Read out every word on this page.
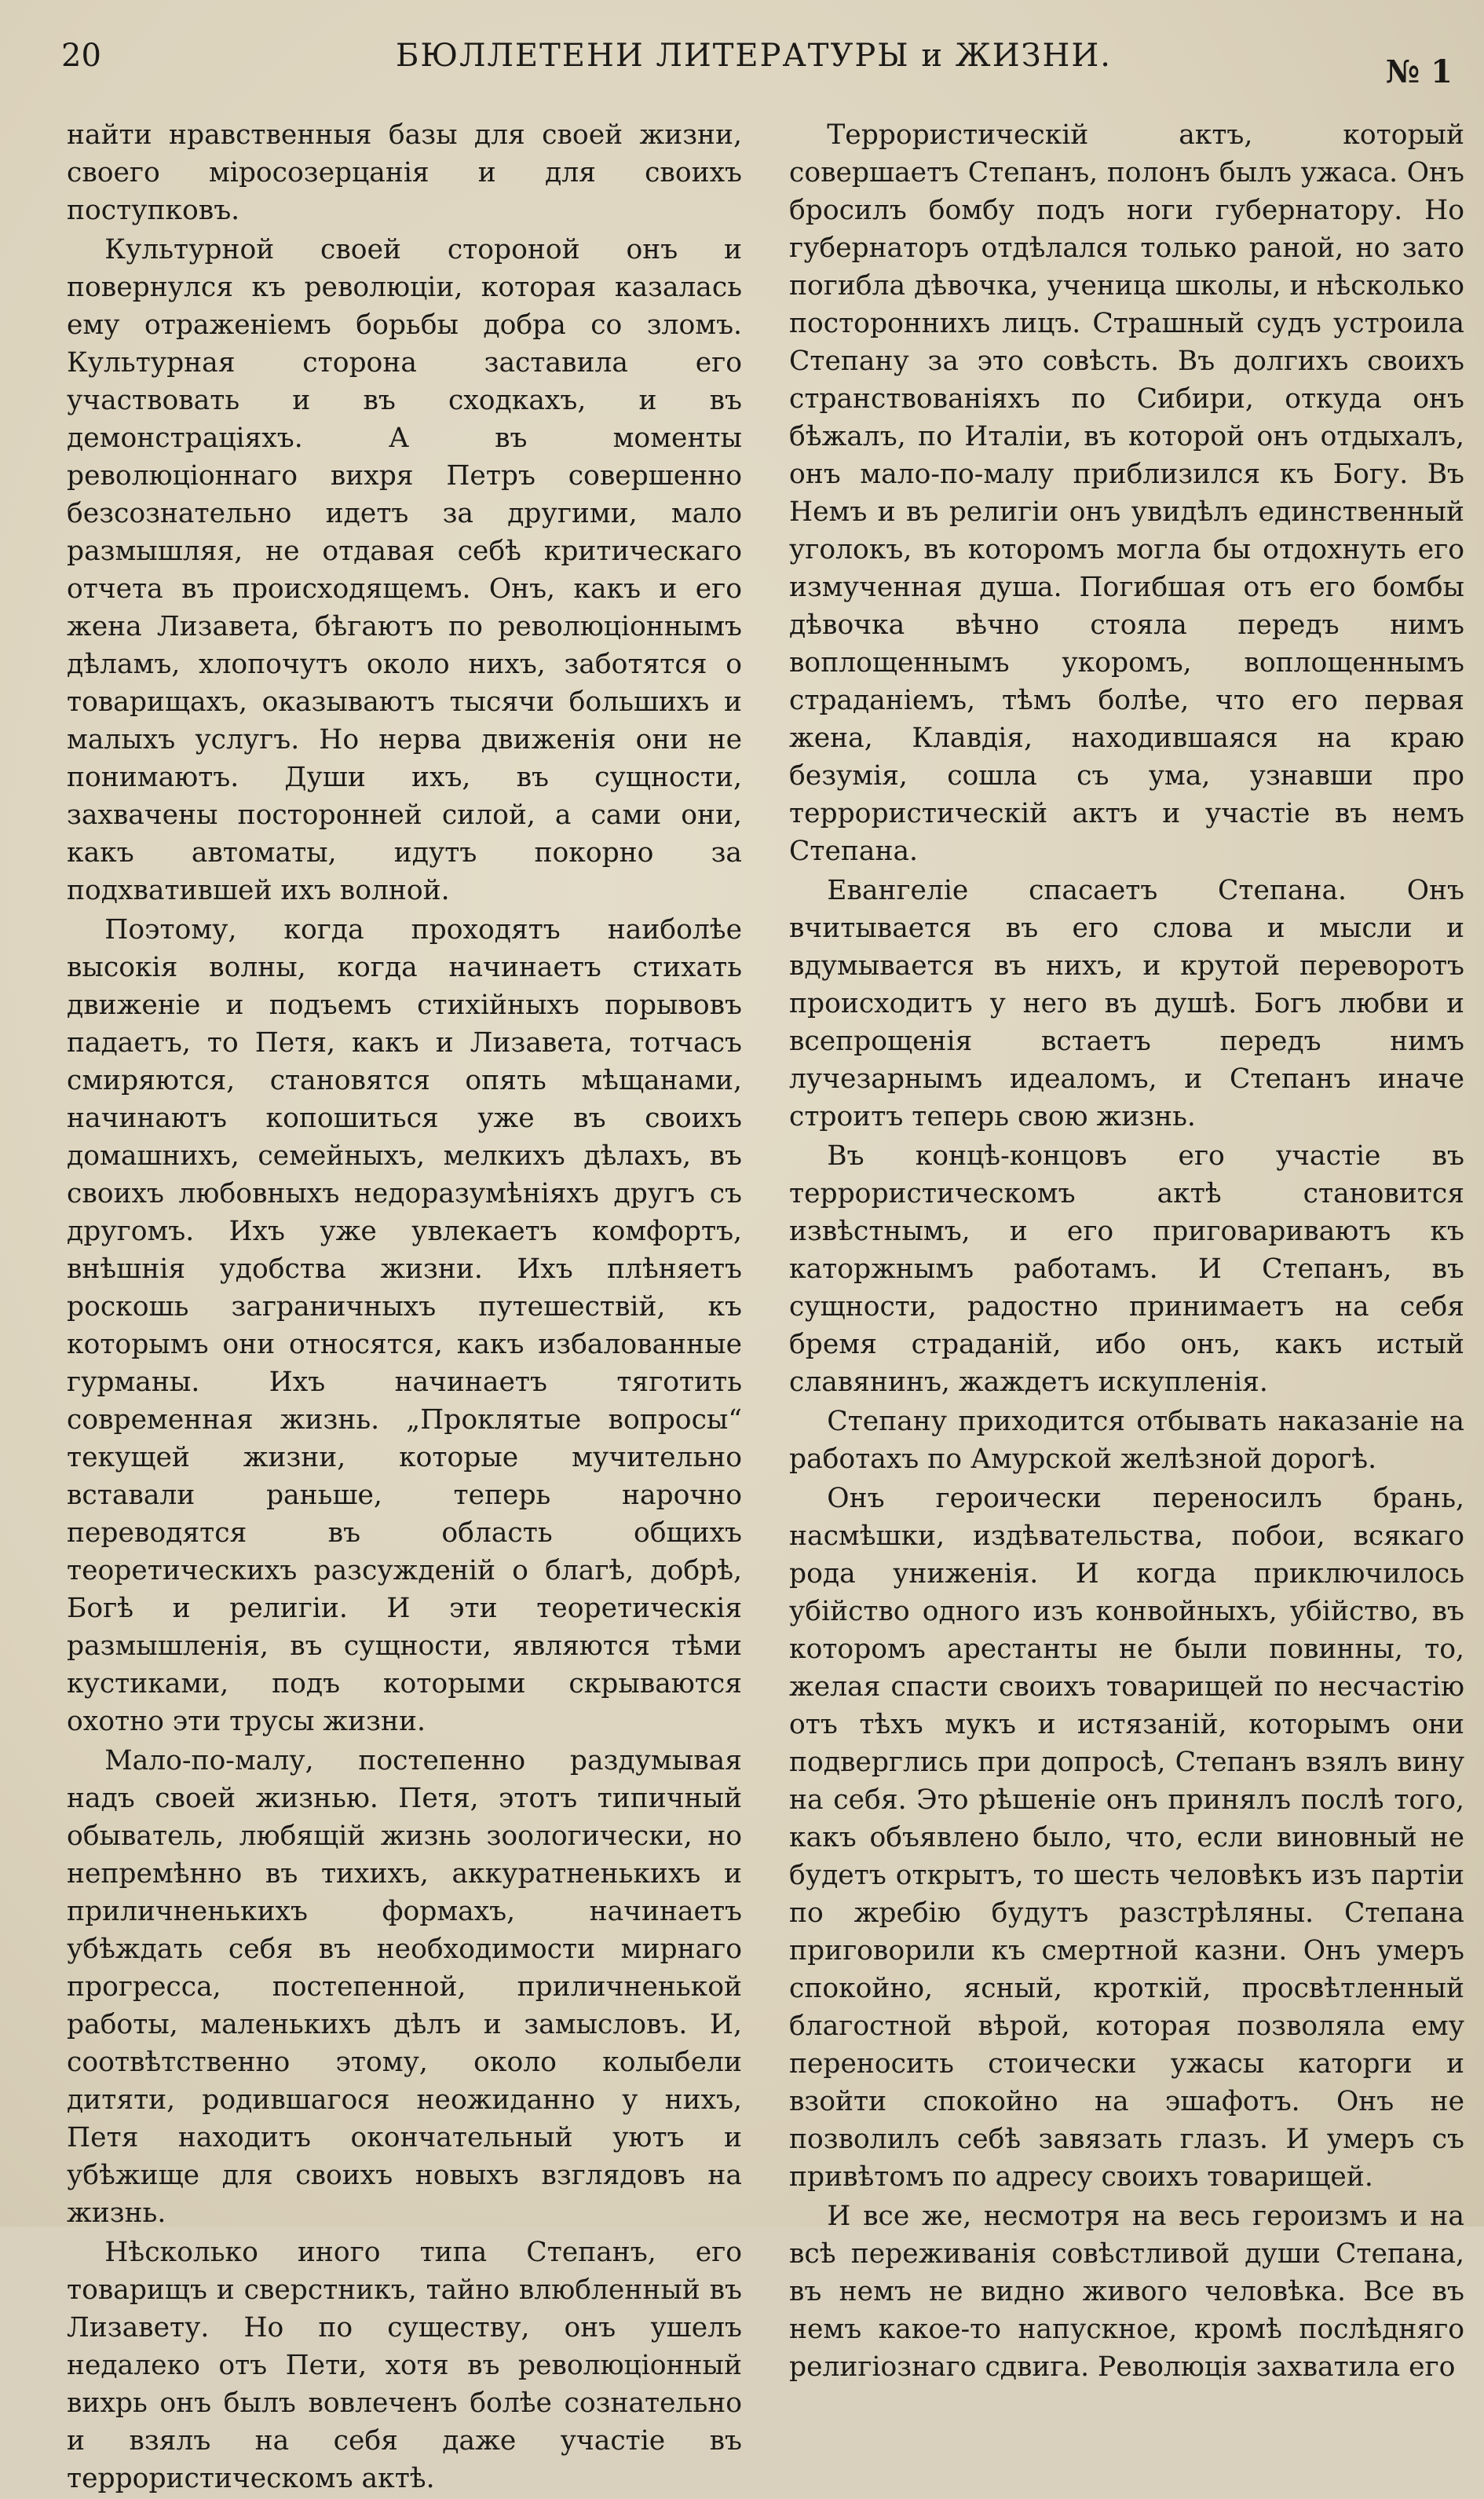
20	БЮЛЛЕТЕНИ ЛИТЕРАТУРЫ и ЖИЗНИ.	№ 1

найти нравственныя базы для своей жизни, своего міросозерцанія и для своихъ поступковъ.

Культурной своей стороной онъ и повернулся къ революціи, которая казалась ему отраженіемъ борьбы добра со зломъ. Культурная сторона заставила его участвовать и въ сходкахъ, и въ демонстраціяхъ. А въ моменты революціоннаго вихря Петръ совершенно безсознательно идетъ за другими, мало размышляя, не отдавая себѣ критическаго отчета въ происходящемъ. Онъ, какъ и его жена Лизавета, бѣгаютъ по революціоннымъ дѣламъ, хлопочутъ около нихъ, заботятся о товарищахъ, оказываютъ тысячи большихъ и малыхъ услугъ. Но нерва движенія они не понимаютъ. Души ихъ, въ сущности, захвачены посторонней силой, а сами они, какъ автоматы, идутъ покорно за подхватившей ихъ волной.

Поэтому, когда проходятъ наиболѣе высокія волны, когда начинаетъ стихать движеніе и подъемъ стихійныхъ порывовъ падаетъ, то Петя, какъ и Лизавета, тотчасъ смиряются, становятся опять мѣщанами, начинаютъ копошиться уже въ своихъ домашнихъ, семейныхъ, мелкихъ дѣлахъ, въ своихъ любовныхъ недоразумѣніяхъ другъ съ другомъ. Ихъ уже увлекаетъ комфортъ, внѣшнія удобства жизни. Ихъ плѣняетъ роскошь заграничныхъ путешествій, къ которымъ они относятся, какъ избалованные гурманы. Ихъ начинаетъ тяготить современная жизнь. „Проклятые вопросы“ текущей жизни, которые мучительно вставали раньше, теперь нарочно переводятся въ область общихъ теоретическихъ разсужденій о благѣ, добрѣ, Богѣ и религіи. И эти теоретическія размышленія, въ сущности, являются тѣми кустиками, подъ которыми скрываются охотно эти трусы жизни.

Мало-по-малу, постепенно раздумывая надъ своей жизнью. Петя, этотъ типичный обыватель, любящій жизнь зоологически, но непремѣнно въ тихихъ, аккуратненькихъ и приличненькихъ формахъ, начинаетъ убѣждать себя въ необходимости мирнаго прогресса, постепенной, приличненькой работы, маленькихъ дѣлъ и замысловъ. И, соотвѣтственно этому, около колыбели дитяти, родившагося неожиданно у нихъ, Петя находитъ окончательный уютъ и убѣжище для своихъ новыхъ взглядовъ на жизнь.

Нѣсколько иного типа Степанъ, его товарищъ и сверстникъ, тайно влюбленный въ Лизавету. Но по существу, онъ ушелъ недалеко отъ Пети, хотя въ революціонный вихрь онъ былъ вовлеченъ болѣе сознательно и взялъ на себя даже участіе въ террористическомъ актѣ.

Террористическій актъ, который совершаетъ Степанъ, полонъ былъ ужаса. Онъ бросилъ бомбу подъ ноги губернатору. Но губернаторъ отдѣлался только раной, но зато погибла дѣвочка, ученица школы, и нѣсколько постороннихъ лицъ. Страшный судъ устроила Степану за это совѣсть. Въ долгихъ своихъ странствованіяхъ по Сибири, откуда онъ бѣжалъ, по Италіи, въ которой онъ отдыхалъ, онъ мало-по-малу приблизился къ Богу. Въ Немъ и въ религіи онъ увидѣлъ единственный уголокъ, въ которомъ могла бы отдохнуть его измученная душа. Погибшая отъ его бомбы дѣвочка вѣчно стояла передъ нимъ воплощеннымъ укоромъ, воплощеннымъ страданіемъ, тѣмъ болѣе, что его первая жена, Клавдія, находившаяся на краю безумія, сошла съ ума, узнавши про террористическій актъ и участіе въ немъ Степана.

Евангеліе спасаетъ Степана. Онъ вчитывается въ его слова и мысли и вдумывается въ нихъ, и крутой переворотъ происходитъ у него въ душѣ. Богъ любви и всепрощенія встаетъ передъ нимъ лучезарнымъ идеаломъ, и Степанъ иначе строитъ теперь свою жизнь.

Въ концѣ-концовъ его участіе въ террористическомъ актѣ становится извѣстнымъ, и его приговариваютъ къ каторжнымъ работамъ. И Степанъ, въ сущности, радостно принимаетъ на себя бремя страданій, ибо онъ, какъ истый славянинъ, жаждетъ искупленія.

Степану приходится отбывать наказаніе на работахъ по Амурской желѣзной дорогѣ.

Онъ героически переносилъ брань, насмѣшки, издѣвательства, побои, всякаго рода униженія. И когда приключилось убійство одного изъ конвойныхъ, убійство, въ которомъ арестанты не были повинны, то, желая спасти своихъ товарищей по несчастію отъ тѣхъ мукъ и истязаній, которымъ они подверглись при допросѣ, Степанъ взялъ вину на себя. Это рѣшеніе онъ принялъ послѣ того, какъ объявлено было, что, если виновный не будетъ открытъ, то шесть человѣкъ изъ партіи по жребію будутъ разстрѣляны. Степана приговорили къ смертной казни. Онъ умеръ спокойно, ясный, кроткій, просвѣтленный благостной вѣрой, которая позволяла ему переносить стоически ужасы каторги и взойти спокойно на эшафотъ. Онъ не позволилъ себѣ завязать глазъ. И умеръ съ привѣтомъ по адресу своихъ товарищей.

И все же, несмотря на весь героизмъ и на всѣ переживанія совѣстливой души Степана, въ немъ не видно живого человѣка. Все въ немъ какое-то напускное, кромѣ послѣдняго религіознаго сдвига. Революція захватила его
